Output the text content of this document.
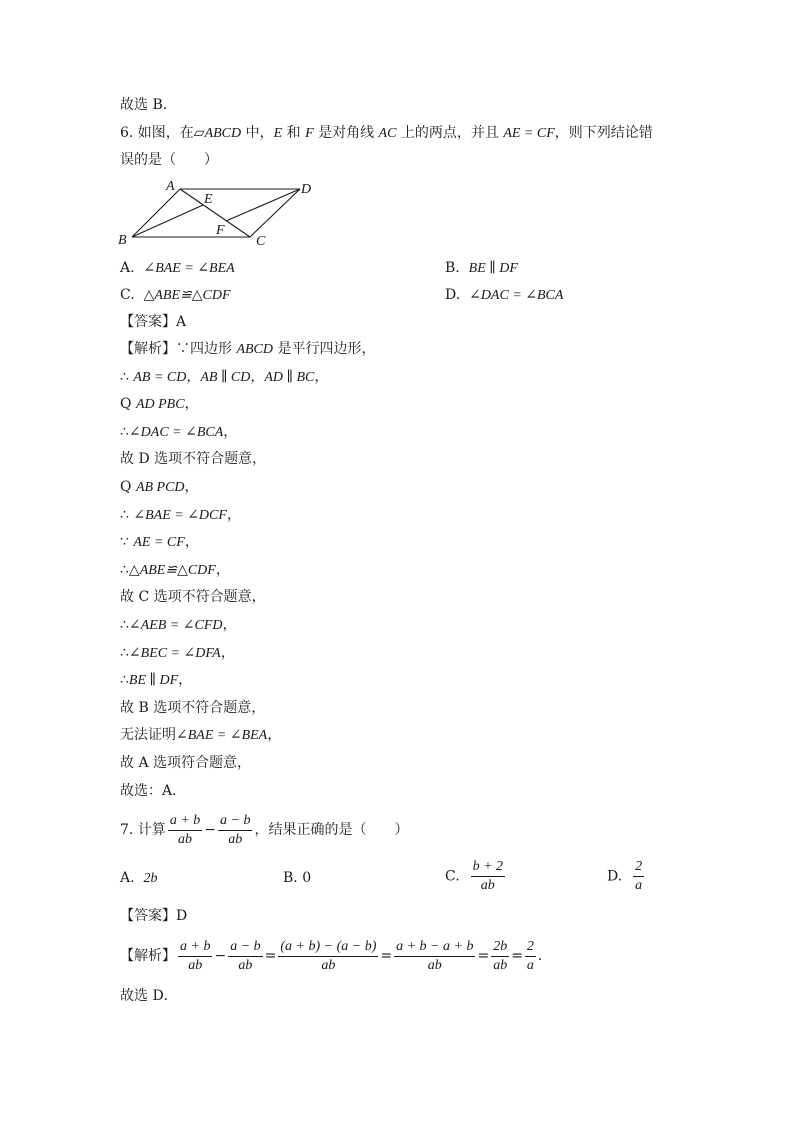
故选 B．
6. 如图，在▱ABCD 中，E 和 F 是对角线 AC 上的两点，并且 AE = CF，则下列结论错
误的是（　　）
A
B	C
D
E
F
A. ∠BAE = ∠BEA	B. BE ∥ DF
C. △ABE≌△CDF	D. ∠DAC = ∠BCA
【答案】A
【解析】∵四边形 ABCD 是平行四边形，
∴ AB = CD，AB ∥ CD，AD ∥ BC，
Q AD PBC，
∴∠DAC = ∠BCA，
故 D 选项不符合题意，
Q AB PCD，
∴ ∠BAE = ∠DCF，
∵ AE = CF，
∴△ABE≌△CDF，
故 C 选项不符合题意，
∴∠AEB = ∠CFD，
∴∠BEC = ∠DFA，
∴BE ∥ DF，
故 B 选项不符合题意，
无法证明∠BAE = ∠BEA，
故 A 选项符合题意，
故选：A．
7. 计算 $\frac{a + b}{ab} - \frac{a - b}{ab}$ ，结果正确的是（　　）
A. 2b	B. 0	C. $\frac{b + 2}{ab}$	D. $\frac{2}{a}$
【答案】D
【解析】 $\frac{a + b}{ab} - \frac{a - b}{ab} = \frac{(a + b) - (a - b)}{ab} = \frac{a + b - a + b}{ab} = \frac{2b}{ab} = \frac{2}{a}$ ．
故选 D．
